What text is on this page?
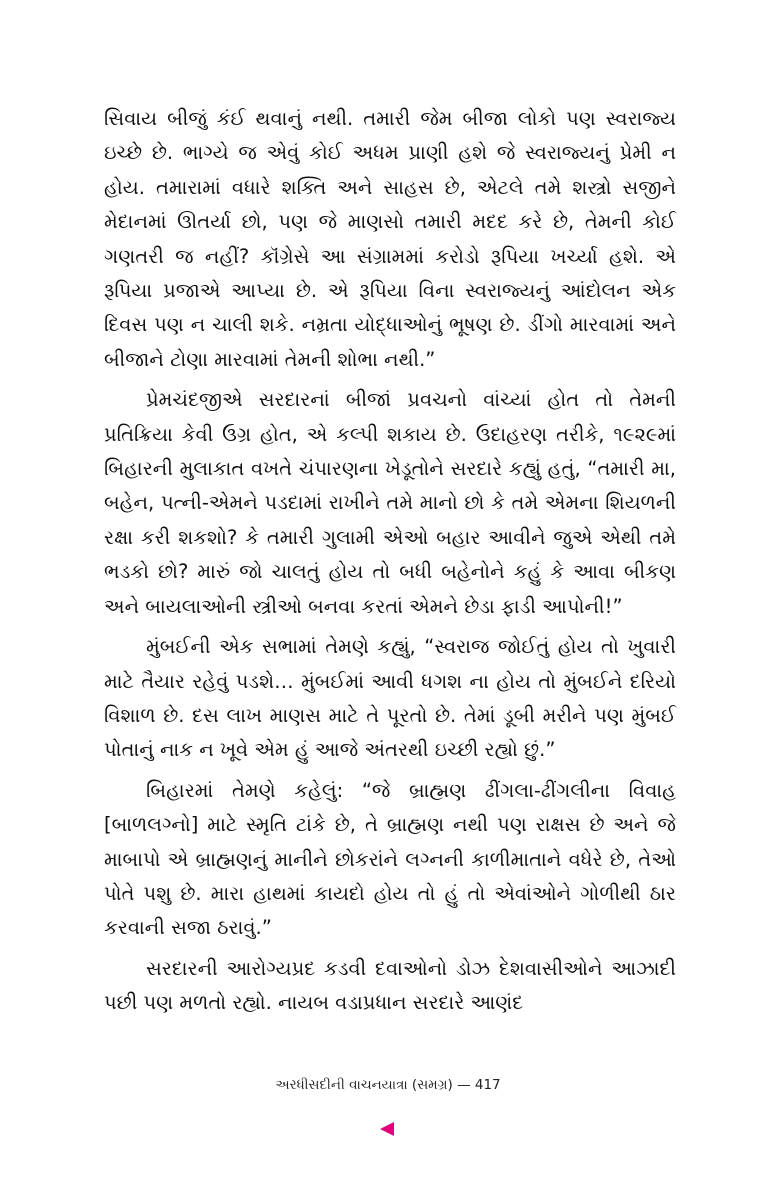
સિવાય બીજું કંઈ થવાનું નથી. તમારી જેમ બીજા લોકો પણ સ્વરાજ્ય ઇચ્છે છે. ભાગ્યે જ એવું કોઈ અધમ પ્રાણી હશે જે સ્વરાજ્યનું પ્રેમી ન હોય. તમારામાં વધારે શક્તિ અને સાહસ છે, એટલે તમે શસ્ત્રો સજીને મેદાનમાં ઊતર્યા છો, પણ જે માણસો તમારી મદદ કરે છે, તેમની કોઈ ગણતરી જ નહીં? કૉંગ્રેસે આ સંગ્રામમાં કરોડો રૂપિયા ખર્ચ્યા હશે. એ રૂપિયા પ્રજાએ આપ્યા છે. એ રૂપિયા વિના સ્વરાજ્યનું આંદોલન એક દિવસ પણ ન ચાલી શકે. નમ્રતા યોદ્ધાઓનું ભૂષણ છે. ડીંગો મારવામાં અને બીજાને ટોણા મારવામાં તેમની શોભા નથી.”

પ્રેમચંદજીએ સરદારનાં બીજાં પ્રવચનો વાંચ્યાં હોત તો તેમની પ્રતિક્રિયા કેવી ઉગ્ર હોત, એ કલ્પી શકાય છે. ઉદાહરણ તરીકે, ૧૯૨૯માં બિહારની મુલાકાત વખતે ચંપારણના ખેડૂતોને સરદારે કહ્યું હતું, “તમારી મા, બહેન, પત્ની-એમને પડદામાં રાખીને તમે માનો છો કે તમે એમના શિયળની રક્ષા કરી શકશો? કે તમારી ગુલામી એઓ બહાર આવીને જુએ એથી તમે ભડકો છો? મારું જો ચાલતું હોય તો બધી બહેનોને કહું કે આવા બીકણ અને બાયલાઓની સ્ત્રીઓ બનવા કરતાં એમને છેડા ફાડી આપોની!”

મુંબઈની એક સભામાં તેમણે કહ્યું, “સ્વરાજ જોઈતું હોય તો ખુવારી માટે તૈયાર રહેવું પડશે… મુંબઈમાં આવી ધગશ ના હોય તો મુંબઈને દરિયો વિશાળ છે. દસ લાખ માણસ માટે તે પૂરતો છે. તેમાં ડૂબી મરીને પણ મુંબઈ પોતાનું નાક ન ખૂવે એમ હું આજે અંતરથી ઇચ્છી રહ્યો છું.”

બિહારમાં તેમણે કહેલું: “જે બ્રાહ્મણ ઢીંગલા-ઢીંગલીના વિવાહ [બાળલગ્નો] માટે સ્મૃતિ ટાંકે છે, તે બ્રાહ્મણ નથી પણ રાક્ષસ છે અને જે માબાપો એ બ્રાહ્મણનું માનીને છોકરાંને લગ્નની કાળીમાતાને વધેરે છે, તેઓ પોતે પશુ છે. મારા હાથમાં કાયદો હોય તો હું તો એવાંઓને ગોળીથી ઠાર કરવાની સજા ઠરાવું.”

સરદારની આરોગ્યપ્રદ કડવી દવાઓનો ડોઝ દેશવાસીઓને આઝાદી પછી પણ મળતો રહ્યો. નાયબ વડાપ્રધાન સરદારે આણંદ

અરધીસદીની વાચનયાત્રા (સમગ્ર) — 417
